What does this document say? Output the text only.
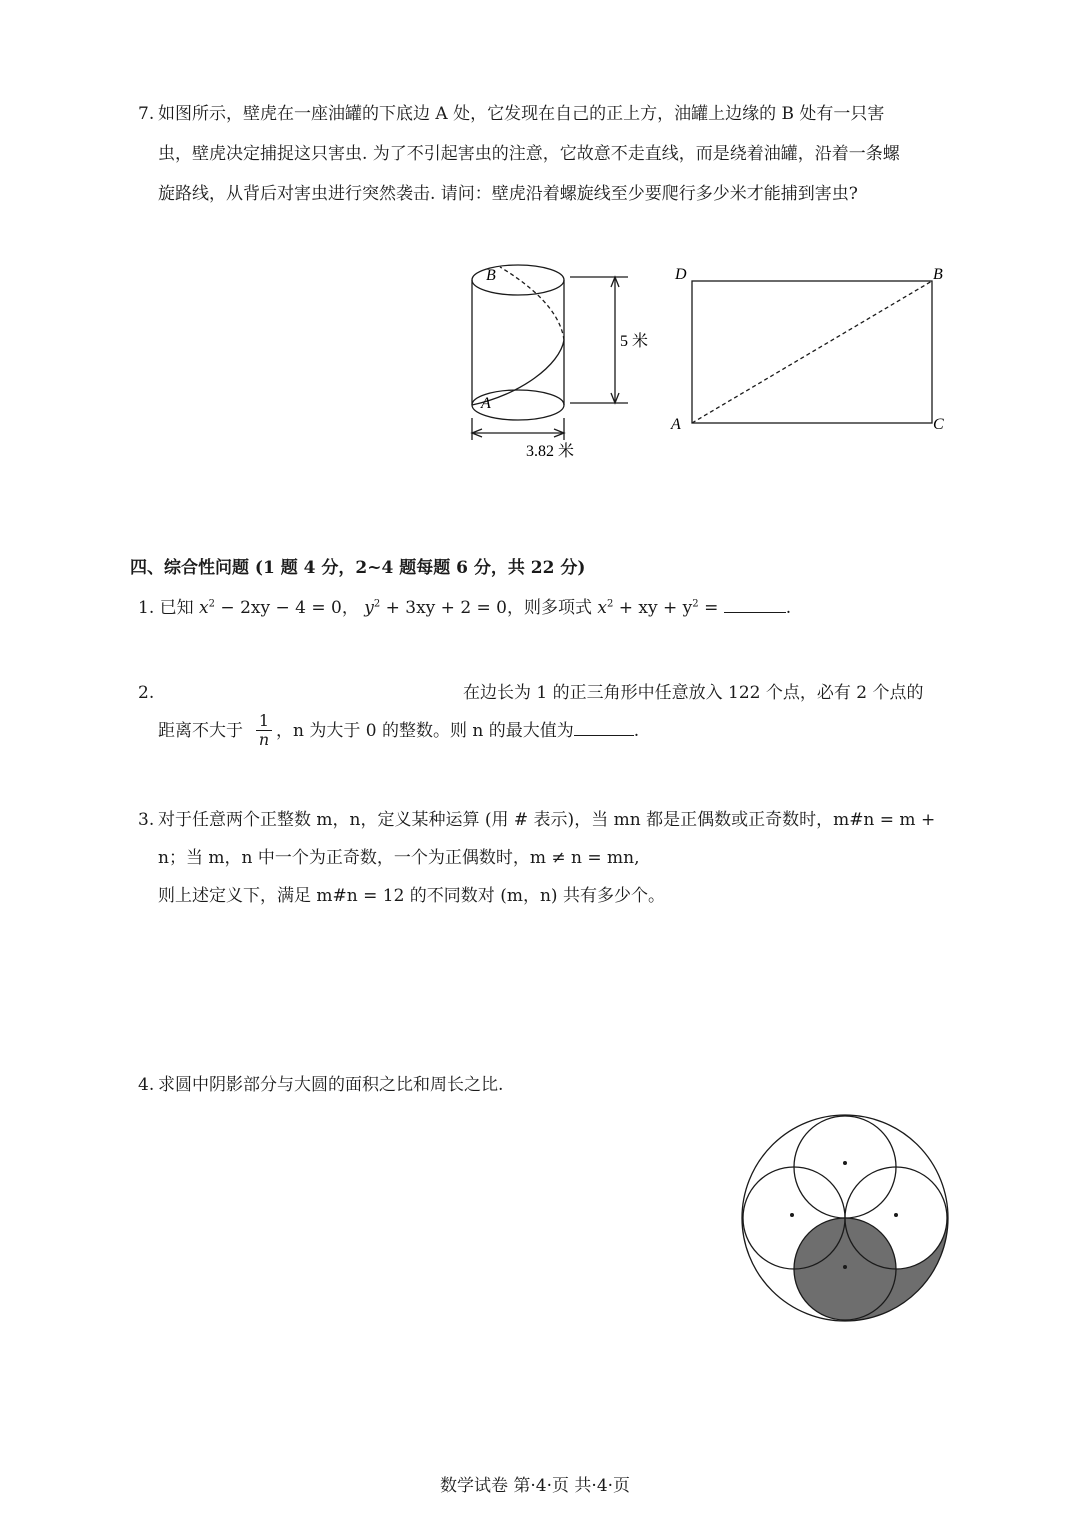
7. 如图所示，壁虎在一座油罐的下底边 A 处，它发现在自己的正上方，油罐上边缘的 B 处有一只害
虫，壁虎决定捕捉这只害虫. 为了不引起害虫的注意，它故意不走直线，而是绕着油罐，沿着一条螺
旋路线，从背后对害虫进行突然袭击. 请问：壁虎沿着螺旋线至少要爬行多少米才能捕到害虫?
B
A
5 米
3.82 米
D	B
A	C
四、综合性问题 (1 题 4 分，2~4 题每题 6 分，共 22 分)
1. 已知 $x^2 - 2xy - 4 = 0$， $y^2 + 3xy + 2 = 0$，则多项式 $x^2$ + xy + $y^2$ =	.
2.	在边长为 1 的正三角形中任意放入 122 个点，必有 2 个点的
距离不大于 $\frac{1}{n}$ ，n 为大于 0 的整数。则 n 的最大值为	.
3. 对于任意两个正整数 m，n，定义某种运算 (用 # 表示)，当 mn 都是正偶数或正奇数时，m#n = m +
n；当 m，n 中一个为正奇数，一个为正偶数时，m ≠ n = mn,
则上述定义下，满足 m#n = 12 的不同数对 (m，n) 共有多少个。
4. 求圆中阴影部分与大圆的面积之比和周长之比.
数学试卷 第·4·页 共·4·页
